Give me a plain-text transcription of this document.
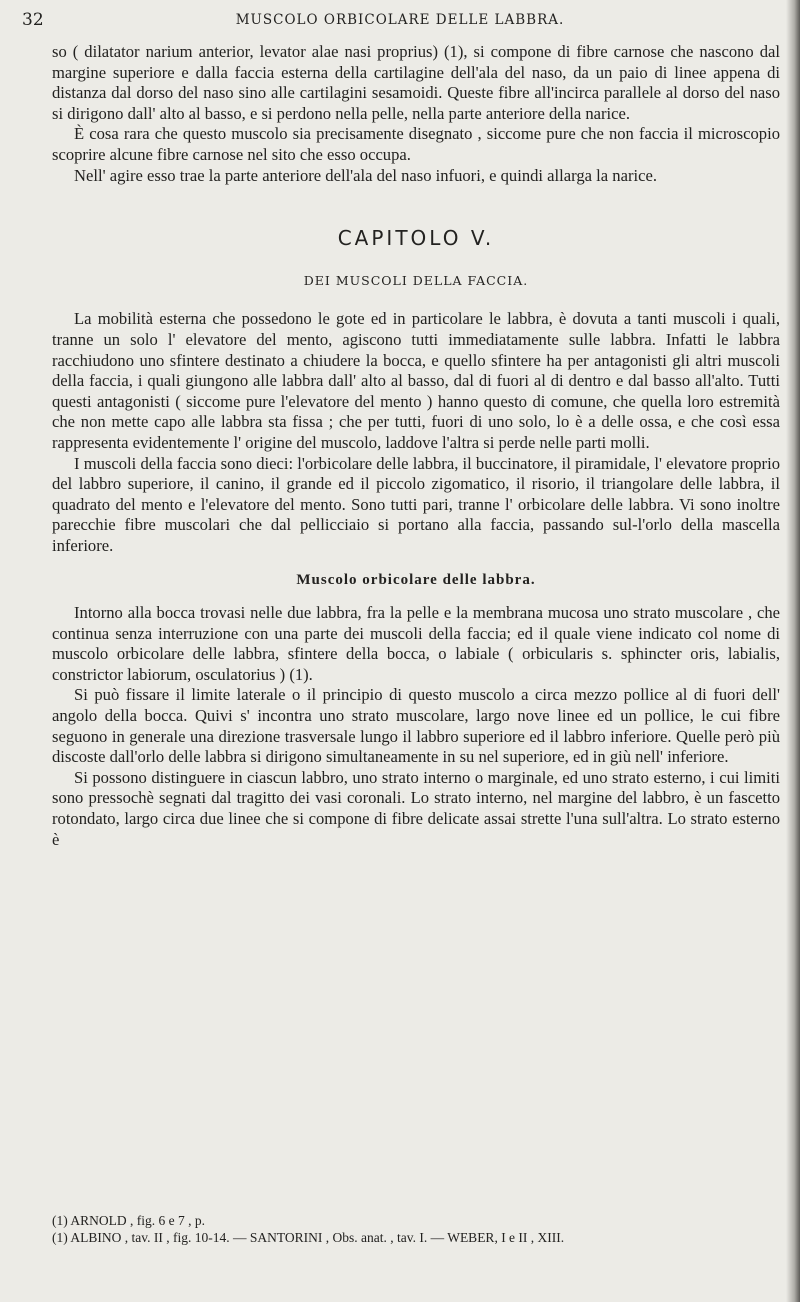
32	MUSCOLO ORBICOLARE DELLE LABBRA.

so ( dilatator narium anterior, levator alae nasi proprius) (1), si compone di fibre carnose che nascono dal margine superiore e dalla faccia esterna della cartilagine dell'ala del naso, da un paio di linee appena di distanza dal dorso del naso sino alle cartilagini sesamoidi. Queste fibre all'incirca parallele al dorso del naso si dirigono dall' alto al basso, e si perdono nella pelle, nella parte anteriore della narice.

È cosa rara che questo muscolo sia precisamente disegnato , siccome pure che non faccia il microscopio scoprire alcune fibre carnose nel sito che esso occupa.

Nell' agire esso trae la parte anteriore dell'ala del naso infuori, e quindi allarga la narice.

CAPITOLO V.
DEI MUSCOLI DELLA FACCIA.

La mobilità esterna che possedono le gote ed in particolare le labbra, è dovuta a tanti muscoli i quali, tranne un solo l' elevatore del mento, agiscono tutti immediatamente sulle labbra. Infatti le labbra racchiudono uno sfintere destinato a chiudere la bocca, e quello sfintere ha per antagonisti gli altri muscoli della faccia, i quali giungono alle labbra dall' alto al basso, dal di fuori al di dentro e dal basso all'alto. Tutti questi antagonisti ( siccome pure l'elevatore del mento ) hanno questo di comune, che quella loro estremità che non mette capo alle labbra sta fissa ; che per tutti, fuori di uno solo, lo è a delle ossa, e che così essa rappresenta evidentemente l' origine del muscolo, laddove l'altra si perde nelle parti molli.

I muscoli della faccia sono dieci: l'orbicolare delle labbra, il buccinatore, il piramidale, l' elevatore proprio del labbro superiore, il canino, il grande ed il piccolo zigomatico, il risorio, il triangolare delle labbra, il quadrato del mento e l'elevatore del mento. Sono tutti pari, tranne l' orbicolare delle labbra. Vi sono inoltre parecchie fibre muscolari che dal pellicciaio si portano alla faccia, passando sul-l'orlo della mascella inferiore.

Muscolo orbicolare delle labbra.

Intorno alla bocca trovasi nelle due labbra, fra la pelle e la membrana mucosa uno strato muscolare , che continua senza interruzione con una parte dei muscoli della faccia; ed il quale viene indicato col nome di muscolo orbicolare delle labbra, sfintere della bocca, o labiale ( orbicularis s. sphincter oris, labialis, constrictor labiorum, osculatorius ) (1).

Si può fissare il limite laterale o il principio di questo muscolo a circa mezzo pollice al di fuori dell' angolo della bocca. Quivi s' incontra uno strato muscolare, largo nove linee ed un pollice, le cui fibre seguono in generale una direzione trasversale lungo il labbro superiore ed il labbro inferiore. Quelle però più discoste dall'orlo delle labbra si dirigono simultaneamente in su nel superiore, ed in giù nell' inferiore.

Si possono distinguere in ciascun labbro, uno strato interno o marginale, ed uno strato esterno, i cui limiti sono pressochè segnati dal tragitto dei vasi coronali. Lo strato interno, nel margine del labbro, è un fascetto rotondato, largo circa due linee che si compone di fibre delicate assai strette l'una sull'altra. Lo strato esterno è

(1) ARNOLD , fig. 6 e 7 , p.
(1) ALBINO , tav. II , fig. 10-14. — SANTORINI , Obs. anat. , tav. I. — WEBER, I e II , XIII.
